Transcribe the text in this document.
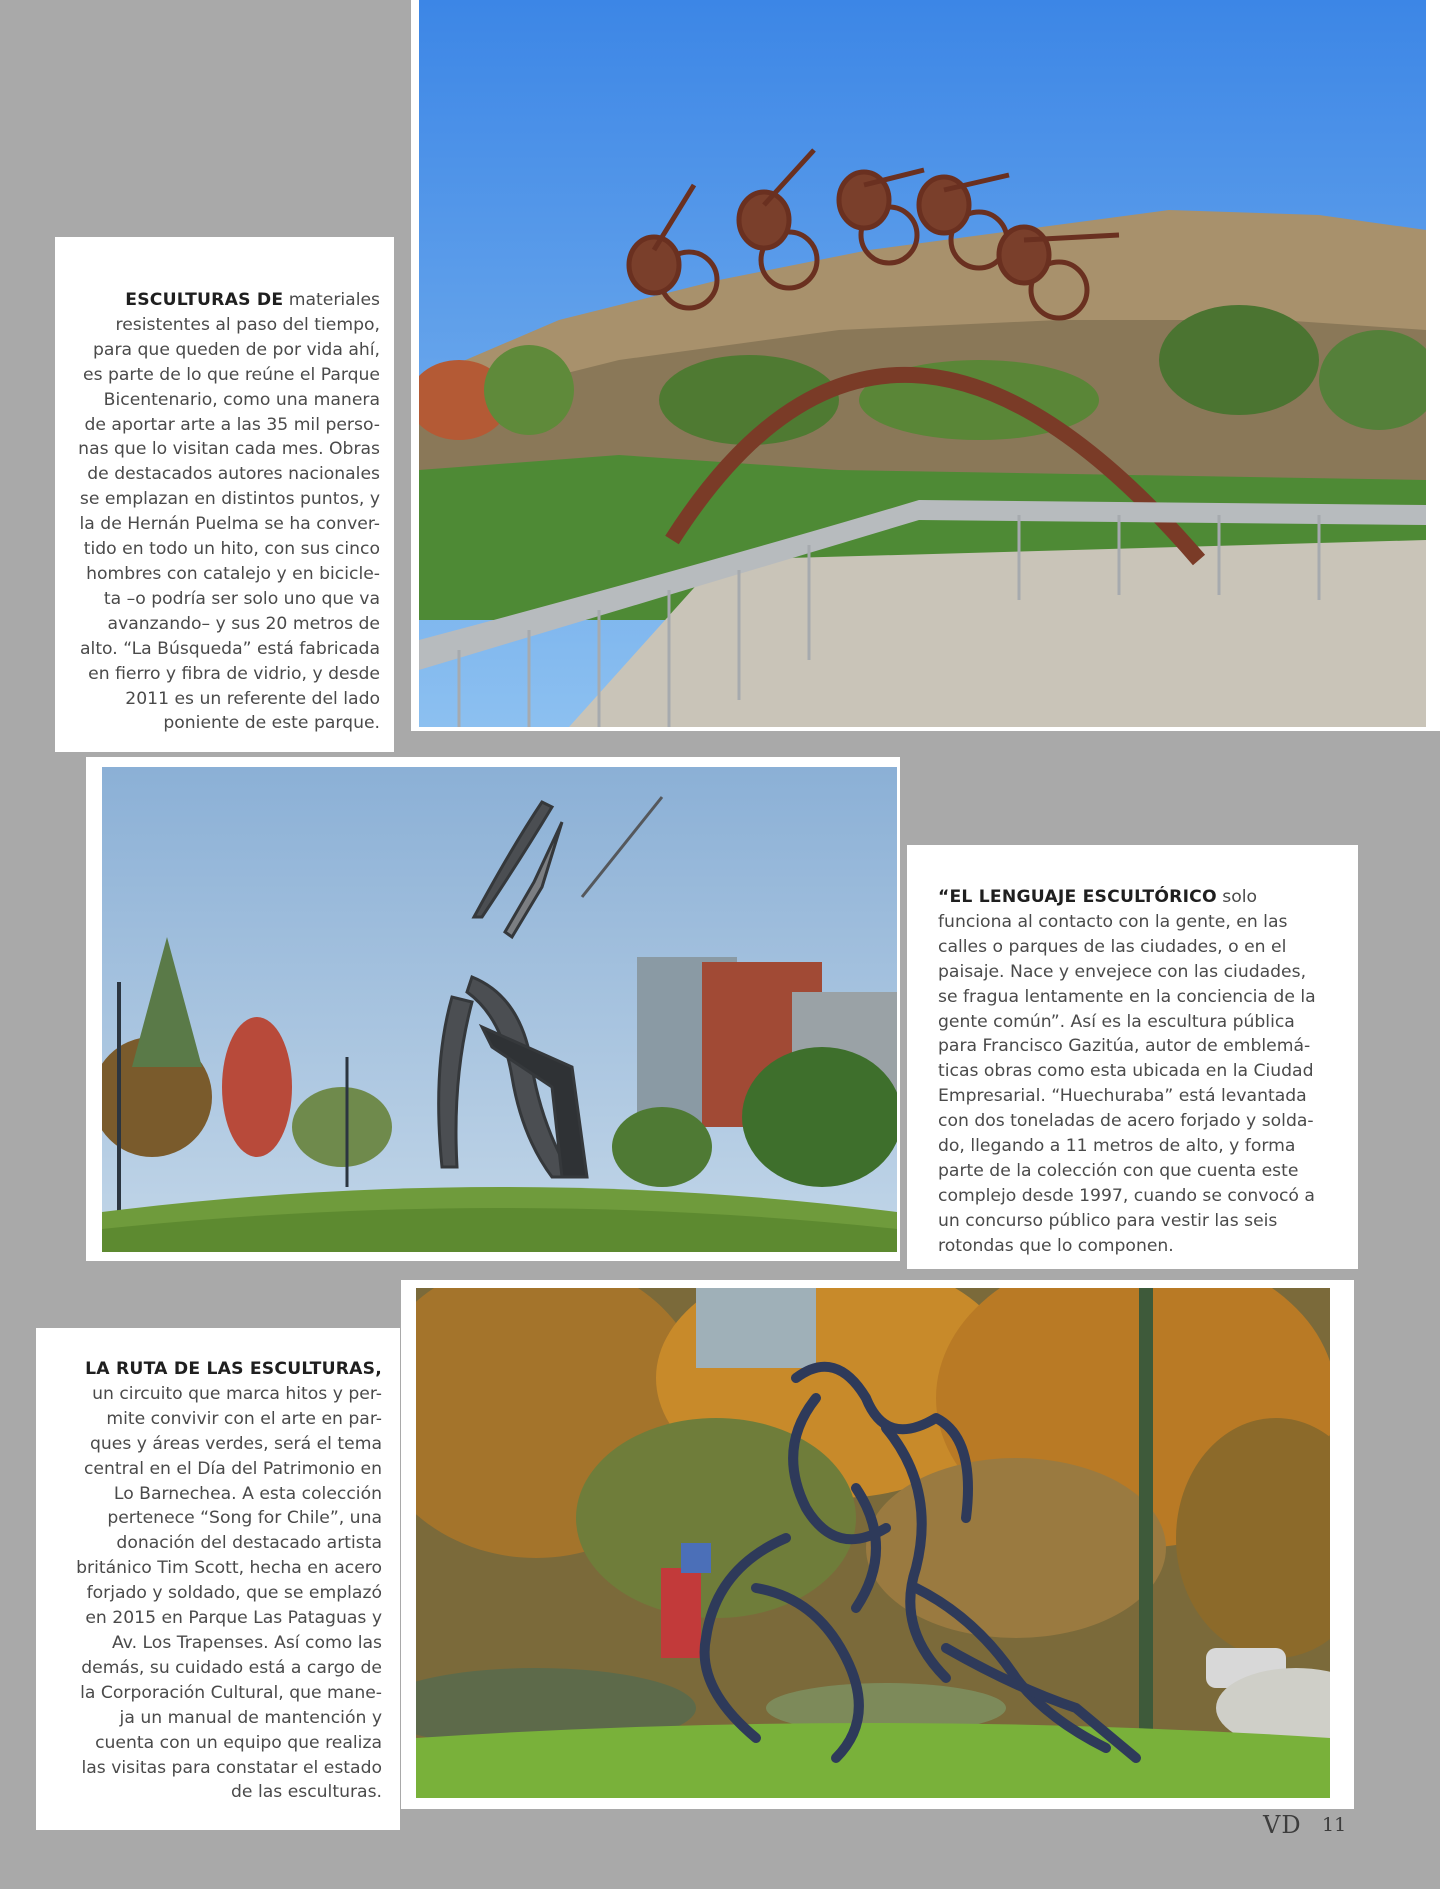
ESCULTURAS DE materiales
resistentes al paso del tiempo,
para que queden de por vida ahí,
es parte de lo que reúne el Parque
Bicentenario, como una manera
de aportar arte a las 35 mil perso-
nas que lo visitan cada mes. Obras
de destacados autores nacionales
se emplazan en distintos puntos, y
la de Hernán Puelma se ha conver-
tido en todo un hito, con sus cinco
hombres con catalejo y en bicicle-
ta –o podría ser solo uno que va
avanzando– y sus 20 metros de
alto. “La Búsqueda” está fabricada
en fierro y fibra de vidrio, y desde
2011 es un referente del lado
poniente de este parque.

“EL LENGUAJE ESCULTÓRICO solo
funciona al contacto con la gente, en las
calles o parques de las ciudades, o en el
paisaje. Nace y envejece con las ciudades,
se fragua lentamente en la conciencia de la
gente común”. Así es la escultura pública
para Francisco Gazitúa, autor de emblemá-
ticas obras como esta ubicada en la Ciudad
Empresarial. “Huechuraba” está levantada
con dos toneladas de acero forjado y solda-
do, llegando a 11 metros de alto, y forma
parte de la colección con que cuenta este
complejo desde 1997, cuando se convocó a
un concurso público para vestir las seis
rotondas que lo componen.

LA RUTA DE LAS ESCULTURAS,
un circuito que marca hitos y per-
mite convivir con el arte en par-
ques y áreas verdes, será el tema
central en el Día del Patrimonio en
Lo Barnechea. A esta colección
pertenece “Song for Chile”, una
donación del destacado artista
británico Tim Scott, hecha en acero
forjado y soldado, que se emplazó
en 2015 en Parque Las Pataguas y
Av. Los Trapenses. Así como las
demás, su cuidado está a cargo de
la Corporación Cultural, que mane-
ja un manual de mantención y
cuenta con un equipo que realiza
las visitas para constatar el estado
de las esculturas.

VD 11
